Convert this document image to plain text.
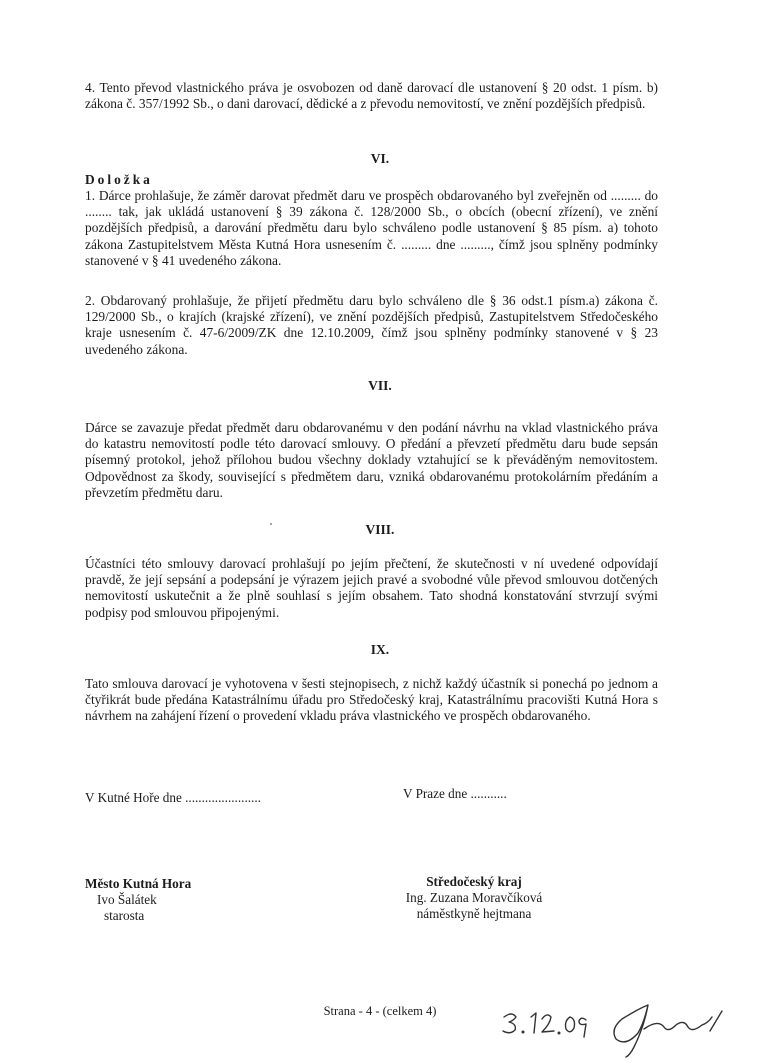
4. Tento převod vlastnického práva je osvobozen od daně darovací dle ustanovení § 20 odst. 1 písm. b) zákona č. 357/1992 Sb., o dani darovací, dědické a z převodu nemovitostí, ve znění pozdějších předpisů.

VI.
Doložka

1. Dárce prohlašuje, že záměr darovat předmět daru ve prospěch obdarovaného byl zveřejněn od ......... do ........ tak, jak ukládá ustanovení § 39 zákona č. 128/2000 Sb., o obcích (obecní zřízení), ve znění pozdějších předpisů, a darování předmětu daru bylo schváleno podle ustanovení § 85 písm. a) tohoto zákona Zastupitelstvem Města Kutná Hora usnesením č. ......... dne ........., čímž jsou splněny podmínky stanovené v § 41 uvedeného zákona.

2. Obdarovaný prohlašuje, že přijetí předmětu daru bylo schváleno dle § 36 odst.1 písm.a) zákona č. 129/2000 Sb., o krajích (krajské zřízení), ve znění pozdějších předpisů, Zastupitelstvem Středočeského kraje usnesením č. 47-6/2009/ZK dne 12.10.2009, čímž jsou splněny podmínky stanovené v § 23 uvedeného zákona.

VII.

Dárce se zavazuje předat předmět daru obdarovanému v den podání návrhu na vklad vlastnického práva do katastru nemovitostí podle této darovací smlouvy. O předání a převzetí předmětu daru bude sepsán písemný protokol, jehož přílohou budou všechny doklady vztahující se k převáděným nemovitostem. Odpovědnost za škody, související s předmětem daru, vzniká obdarovanému protokolárním předáním a převzetím předmětu daru.

VIII.

Účastníci této smlouvy darovací prohlašují po jejím přečtení, že skutečnosti v ní uvedené odpovídají pravdě, že její sepsání a podepsání je výrazem jejich pravé a svobodné vůle převod smlouvou dotčených nemovitostí uskutečnit a že plně souhlasí s jejím obsahem. Tato shodná konstatování stvrzují svými podpisy pod smlouvou připojenými.

IX.

Tato smlouva darovací je vyhotovena v šesti stejnopisech, z nichž každý účastník si ponechá po jednom a čtyřikrát bude předána Katastrálnímu úřadu pro Středočeský kraj, Katastrálnímu pracovišti Kutná Hora s návrhem na zahájení řízení o provedení vkladu práva vlastnického ve prospěch obdarovaného.

V Kutné Hoře dne .......................	V Praze dne ...........
Město Kutná Hora
Ivo Šalátek
starosta
Středočeský kraj
Ing. Zuzana Moravčíková
náměstkyně hejtmana
Strana - 4 - (celkem 4)
